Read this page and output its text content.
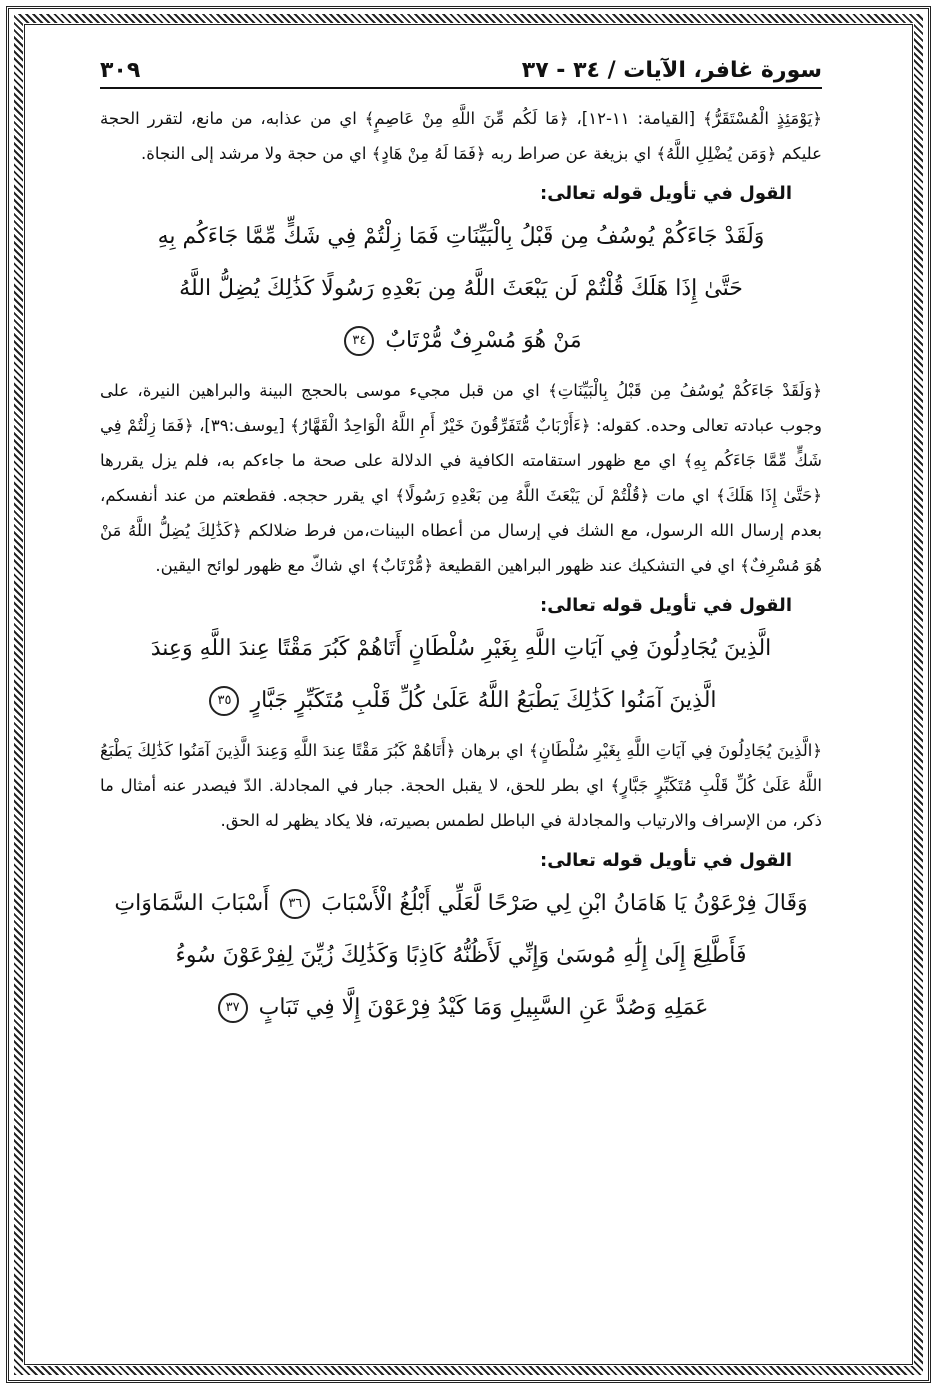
سورة غافر، الآيات / ٣٤ - ٣٧
٣٠٩

﴿يَوْمَئِذٍ الْمُسْتَقَرُّ﴾ [القيامة: ١١-١٢]، ﴿مَا لَكُم مِّنَ اللَّهِ مِنْ عَاصِمٍ﴾ اي من عذابه، من مانع، لتقرر الحجة عليكم ﴿وَمَن يُضْلِلِ اللَّهُ﴾ اي بزيغة عن صراط ربه ﴿فَمَا لَهُ مِنْ هَادٍ﴾ اي من حجة ولا مرشد إلى النجاة.

القول في تأويل قوله تعالى:

وَلَقَدْ جَاءَكُمْ يُوسُفُ مِن قَبْلُ بِالْبَيِّنَاتِ فَمَا زِلْتُمْ فِي شَكٍّ مِّمَّا جَاءَكُم بِهِ
حَتَّىٰ إِذَا هَلَكَ قُلْتُمْ لَن يَبْعَثَ اللَّهُ مِن بَعْدِهِ رَسُولًا كَذَٰلِكَ يُضِلُّ اللَّهُ
مَنْ هُوَ مُسْرِفٌ مُّرْتَابٌ ٣٤

﴿وَلَقَدْ جَاءَكُمْ يُوسُفُ مِن قَبْلُ بِالْبَيِّنَاتِ﴾ اي من قبل مجيء موسى بالحجج البينة والبراهين النيرة، على وجوب عبادته تعالى وحده. كقوله: ﴿ءَأَرْبَابٌ مُّتَفَرِّقُونَ خَيْرٌ أَمِ اللَّهُ الْوَاحِدُ الْقَهَّارُ﴾ [يوسف:٣٩]، ﴿فَمَا زِلْتُمْ فِي شَكٍّ مِّمَّا جَاءَكُم بِهِ﴾ اي مع ظهور استقامته الكافية في الدلالة على صحة ما جاءكم به، فلم يزل يقررها ﴿حَتَّىٰ إِذَا هَلَكَ﴾ اي مات ﴿قُلْتُمْ لَن يَبْعَثَ اللَّهُ مِن بَعْدِهِ رَسُولًا﴾ اي يقرر حججه. فقطعتم من عند أنفسكم، بعدم إرسال الله الرسول، مع الشك في إرسال من أعطاه البينات،من فرط ضلالكم ﴿كَذَٰلِكَ يُضِلُّ اللَّهُ مَنْ هُوَ مُسْرِفٌ﴾ اي في التشكيك عند ظهور البراهين القطيعة ﴿مُّرْتَابٌ﴾ اي شاكّ مع ظهور لوائح اليقين.

القول في تأويل قوله تعالى:

الَّذِينَ يُجَادِلُونَ فِي آيَاتِ اللَّهِ بِغَيْرِ سُلْطَانٍ أَتَاهُمْ كَبُرَ مَقْتًا عِندَ اللَّهِ وَعِندَ
الَّذِينَ آمَنُوا كَذَٰلِكَ يَطْبَعُ اللَّهُ عَلَىٰ كُلِّ قَلْبِ مُتَكَبِّرٍ جَبَّارٍ ٣٥

﴿الَّذِينَ يُجَادِلُونَ فِي آيَاتِ اللَّهِ بِغَيْرِ سُلْطَانٍ﴾ اي برهان ﴿أَتَاهُمْ كَبُرَ مَقْتًا عِندَ اللَّهِ وَعِندَ الَّذِينَ آمَنُوا كَذَٰلِكَ يَطْبَعُ اللَّهُ عَلَىٰ كُلِّ قَلْبِ مُتَكَبِّرٍ جَبَّارٍ﴾ اي بطر للحق، لا يقبل الحجة. جبار في المجادلة. الدّ فيصدر عنه أمثال ما ذكر، من الإسراف والارتياب والمجادلة في الباطل لطمس بصيرته، فلا يكاد يظهر له الحق.

القول في تأويل قوله تعالى:

وَقَالَ فِرْعَوْنُ يَا هَامَانُ ابْنِ لِي صَرْحًا لَّعَلِّي أَبْلُغُ الْأَسْبَابَ ٣٦ أَسْبَابَ السَّمَاوَاتِ
فَأَطَّلِعَ إِلَىٰ إِلَٰهِ مُوسَىٰ وَإِنِّي لَأَظُنُّهُ كَاذِبًا وَكَذَٰلِكَ زُيِّنَ لِفِرْعَوْنَ سُوءُ
عَمَلِهِ وَصُدَّ عَنِ السَّبِيلِ وَمَا كَيْدُ فِرْعَوْنَ إِلَّا فِي تَبَابٍ ٣٧
